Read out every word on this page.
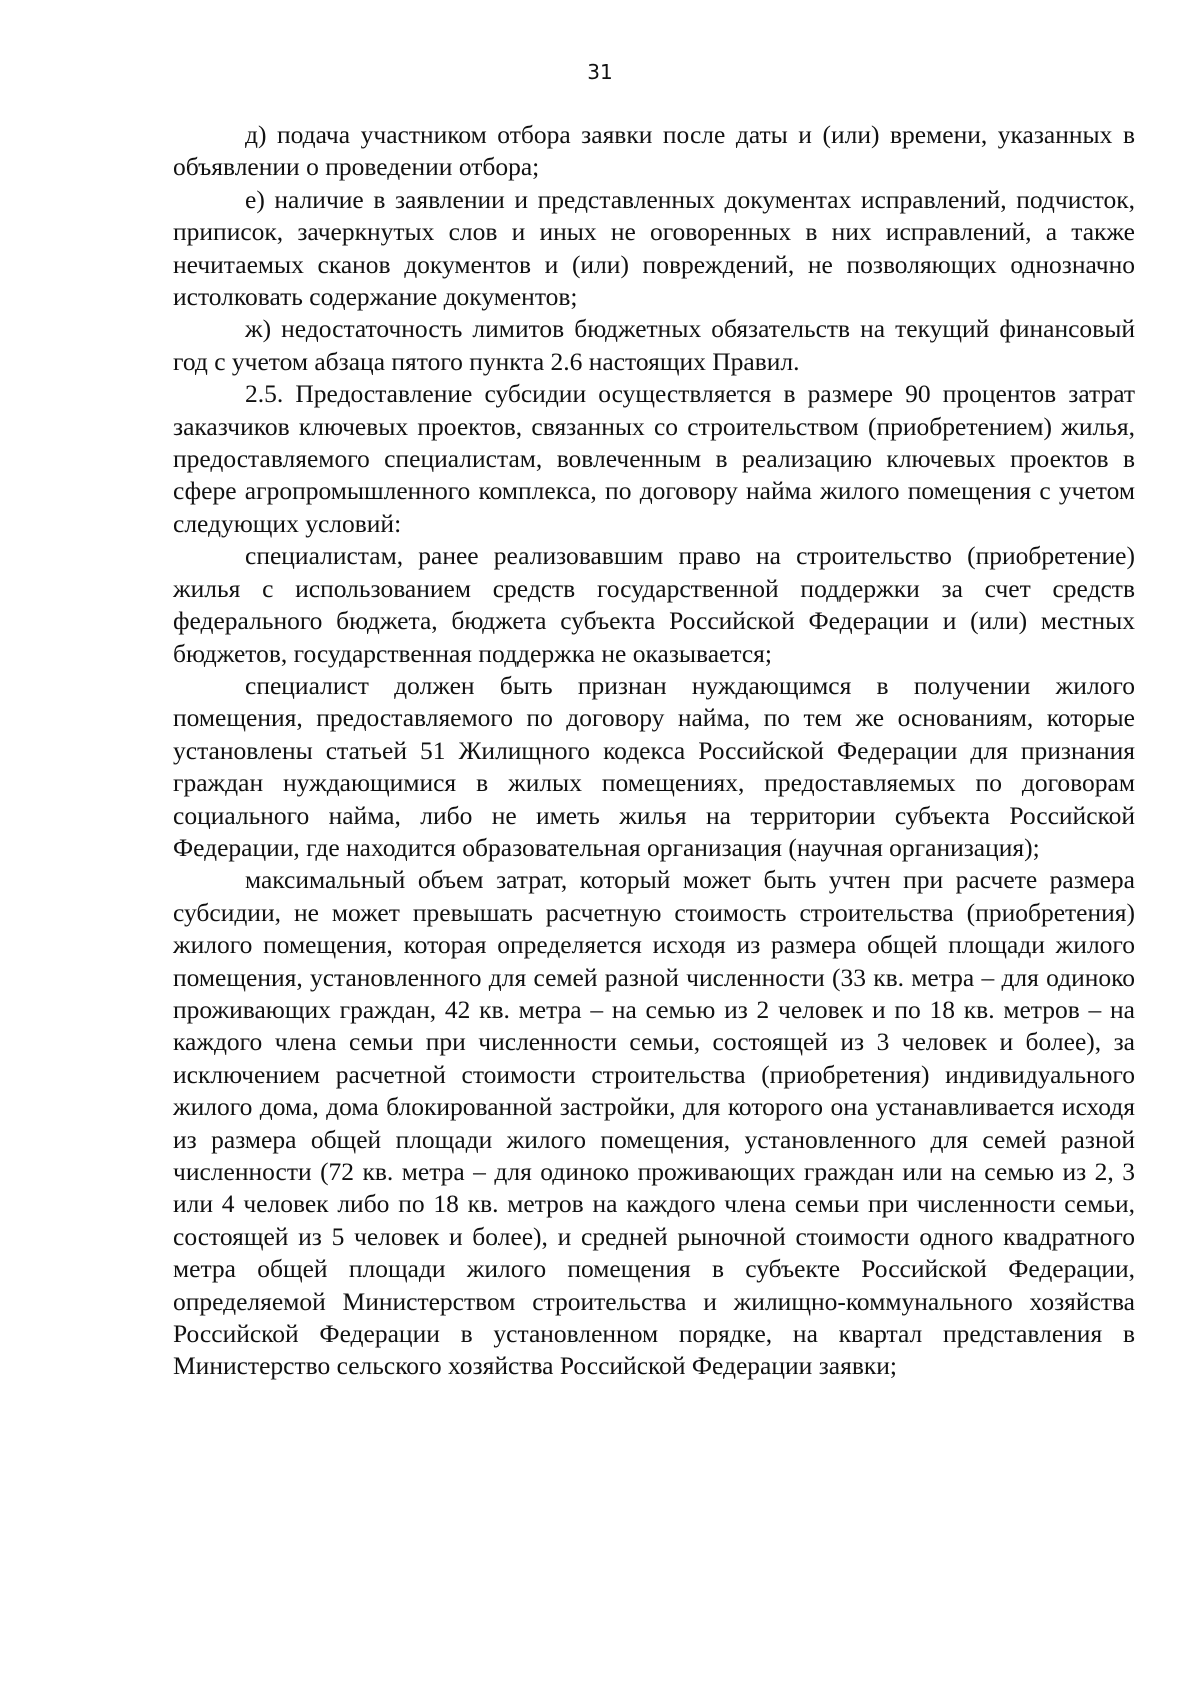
31

д) подача участником отбора заявки после даты и (или) времени, указанных в объявлении о проведении отбора;

е) наличие в заявлении и представленных документах исправлений, подчисток, приписок, зачеркнутых слов и иных не оговоренных в них исправлений, а также нечитаемых сканов документов и (или) повреждений, не позволяющих однозначно истолковать содержание документов;

ж) недостаточность лимитов бюджетных обязательств на текущий финансовый год с учетом абзаца пятого пункта 2.6 настоящих Правил.

2.5. Предоставление субсидии осуществляется в размере 90 процентов затрат заказчиков ключевых проектов, связанных со строительством (приобретением) жилья, предоставляемого специалистам, вовлеченным в реализацию ключевых проектов в сфере агропромышленного комплекса, по договору найма жилого помещения с учетом следующих условий:

специалистам, ранее реализовавшим право на строительство (приобретение) жилья с использованием средств государственной поддержки за счет средств федерального бюджета, бюджета субъекта Российской Федерации и (или) местных бюджетов, государственная поддержка не оказывается;

специалист должен быть признан нуждающимся в получении жилого помещения, предоставляемого по договору найма, по тем же основаниям, которые установлены статьей 51 Жилищного кодекса Российской Федерации для признания граждан нуждающимися в жилых помещениях, предоставляемых по договорам социального найма, либо не иметь жилья на территории субъекта Российской Федерации, где находится образовательная организация (научная организация);

максимальный объем затрат, который может быть учтен при расчете размера субсидии, не может превышать расчетную стоимость строительства (приобретения) жилого помещения, которая определяется исходя из размера общей площади жилого помещения, установленного для семей разной численности (33 кв. метра – для одиноко проживающих граждан, 42 кв. метра – на семью из 2 человек и по 18 кв. метров – на каждого члена семьи при численности семьи, состоящей из 3 человек и более), за исключением расчетной стоимости строительства (приобретения) индивидуального жилого дома, дома блокированной застройки, для которого она устанавливается исходя из размера общей площади жилого помещения, установленного для семей разной численности (72 кв. метра – для одиноко проживающих граждан или на семью из 2, 3 или 4 человек либо по 18 кв. метров на каждого члена семьи при численности семьи, состоящей из 5 человек и более), и средней рыночной стоимости одного квадратного метра общей площади жилого помещения в субъекте Российской Федерации, определяемой Министерством строительства и жилищно-коммунального хозяйства Российской Федерации в установленном порядке, на квартал представления в Министерство сельского хозяйства Российской Федерации заявки;
